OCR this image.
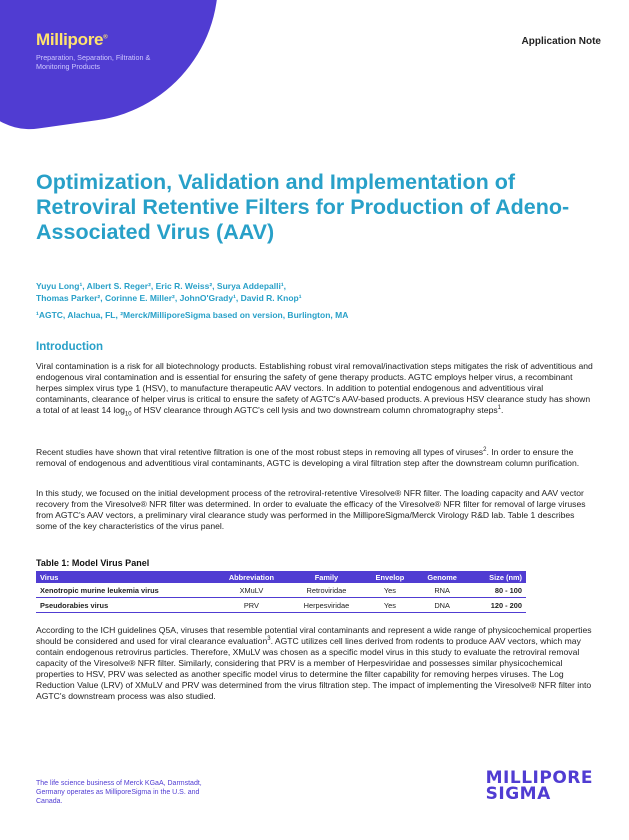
Millipore®
Preparation, Separation, Filtration & Monitoring Products
Application Note
Optimization, Validation and Implementation of Retroviral Retentive Filters for Production of Adeno-Associated Virus (AAV)
Yuyu Long¹, Albert S. Reger², Eric R. Weiss², Surya Addepalli¹,
Thomas Parker², Corinne E. Miller², JohnO'Grady¹, David R. Knop¹
¹AGTC, Alachua, FL, ²Merck/MilliporeSigma based on version, Burlington, MA
Introduction

Viral contamination is a risk for all biotechnology products. Establishing robust viral removal/inactivation steps mitigates the risk of adventitious and endogenous viral contamination and is essential for ensuring the safety of gene therapy products. AGTC employs helper virus, a recombinant herpes simplex virus type 1 (HSV), to manufacture therapeutic AAV vectors. In addition to potential endogenous and adventitious viral contaminants, clearance of helper virus is critical to ensure the safety of AGTC's AAV-based products. A previous HSV clearance study has shown a total of at least 14 $\log_{10}$ of HSV clearance through AGTC's cell lysis and two downstream column chromatography steps$^1$.

Recent studies have shown that viral retentive filtration is one of the most robust steps in removing all types of viruses$^2$. In order to ensure the removal of endogenous and adventitious viral contaminants, AGTC is developing a viral filtration step after the downstream column purification.

In this study, we focused on the initial development process of the retroviral-retentive Viresolve® NFR filter. The loading capacity and AAV vector recovery from the Viresolve® NFR filter was determined. In order to evaluate the efficacy of the Viresolve® NFR filter for removal of large viruses from AGTC's AAV vectors, a preliminary viral clearance study was performed in the MilliporeSigma/Merck Virology R&D lab. Table 1 describes some of the key characteristics of the virus panel.

Table 1: Model Virus Panel
Virus	Abbreviation	Family	Envelop	Genome	Size (nm)
Xenotropic murine leukemia virus	XMuLV	Retroviridae	Yes	RNA	80 - 100
Pseudorabies virus	PRV	Herpesviridae	Yes	DNA	120 - 200

According to the ICH guidelines Q5A, viruses that resemble potential viral contaminants and represent a wide range of physicochemical properties should be considered and used for viral clearance evaluation$^3$. AGTC utilizes cell lines derived from rodents to produce AAV vectors, which may contain endogenous retrovirus particles. Therefore, XMuLV was chosen as a specific model virus in this study to evaluate the retroviral removal capacity of the Viresolve® NFR filter. Similarly, considering that PRV is a member of Herpesviridae and possesses similar physicochemical properties to HSV, PRV was selected as another specific model virus to determine the filter capability for removing herpes viruses. The Log Reduction Value (LRV) of XMuLV and PRV was determined from the virus filtration step. The impact of implementing the Viresolve® NFR filter into AGTC's downstream process was also studied.

The life science business of Merck KGaA, Darmstadt, Germany operates as MilliporeSigma in the U.S. and Canada.
MILLIPORE
SIGMA
